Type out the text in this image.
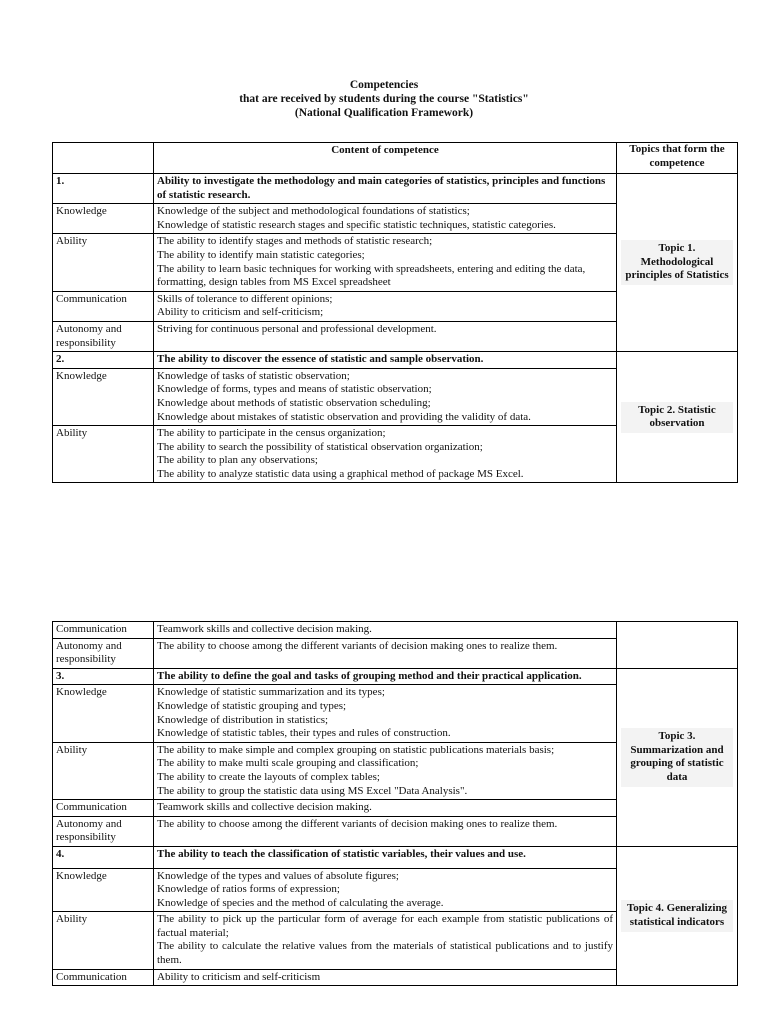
Competencies
that are received by students during the course "Statistics"
(National Qualification Framework)
	Content of competence	Topics that form the competence
1.	Ability to investigate the methodology and main categories of statistics, principles and functions of statistic research.	Topic 1. Methodological principles of Statistics
Knowledge	Knowledge of the subject and methodological foundations of statistics;
Knowledge of statistic research stages and specific statistic techniques, statistic categories.	

Ability	The ability to identify stages and methods of statistic research;
The ability to identify main statistic categories;
The ability to learn basic techniques for working with spreadsheets, entering and editing the data, formatting, design tables from MS Excel spreadsheet	

Communication	Skills of tolerance to different opinions;
Ability to criticism and self-criticism;	

Autonomy and responsibility	Striving for continuous personal and professional development.	
2.	The ability to discover the essence of statistic and sample observation.	Topic 2. Statistic observation
Knowledge	Knowledge of tasks of statistic observation;
Knowledge of forms, types and means of statistic observation;
Knowledge about methods of statistic observation scheduling;
Knowledge about mistakes of statistic observation and providing the validity of data.	

Ability	The ability to participate in the census organization;
The ability to search the possibility of statistical observation organization;
The ability to plan any observations;
The ability to analyze statistic data using a graphical method of package MS Excel.	
Communication	Teamwork skills and collective decision making.	
Autonomy and responsibility	The ability to choose among the different variants of decision making ones to realize them.	
3.	The ability to define the goal and tasks of grouping method and their practical application.	Topic 3. Summarization and grouping of statistic data
Knowledge	Knowledge of statistic summarization and its types;
Knowledge of statistic grouping and types;
Knowledge of distribution in statistics;
Knowledge of statistic tables, their types and rules of construction.	

Ability	The ability to make simple and complex grouping on statistic publications materials basis;
The ability to make multi scale grouping and classification;
The ability to create the layouts of complex tables;
The ability to group the statistic data using MS Excel "Data Analysis".	

Communication	Teamwork skills and collective decision making.	
Autonomy and responsibility	The ability to choose among the different variants of decision making ones to realize them.	
4.	The ability to teach the classification of statistic variables, their values and use.	Topic 4. Generalizing statistical indicators
Knowledge	Knowledge of the types and values of absolute figures;
Knowledge of ratios forms of expression;
Knowledge of species and the method of calculating the average.	

Ability	The ability to pick up the particular form of average for each example from statistic publications of factual material;
The ability to calculate the relative values from the materials of statistical publications and to justify them.	

Communication	Ability to criticism and self-criticism	
